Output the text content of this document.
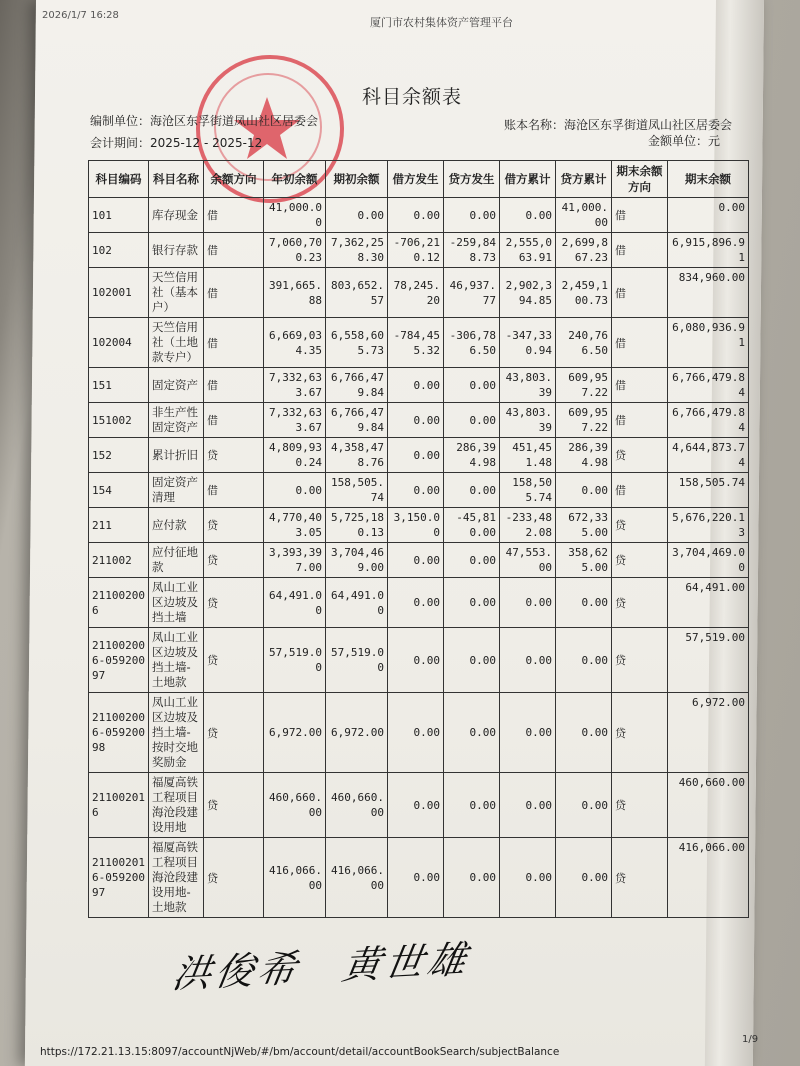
2026/1/7 16:28
厦门市农村集体资产管理平台
科目余额表
编制单位：海沧区东孚街道凤山社区居委会
会计期间：2025-12 - 2025-12
账本名称：海沧区东孚街道凤山社区居委会
金额单位：元
科目编码	科目名称	余额方向	年初余额	期初余额	借方发生	贷方发生	借方累计	贷方累计	期末余额方向	期末余额
101	库存现金	借	41,000.00	0.00	0.00	0.00	0.00	41,000.00	借	0.00
102	银行存款	借	7,060,700.23	7,362,258.30	-706,210.12	-259,848.73	2,555,063.91	2,699,867.23	借	6,915,896.91
102001	天竺信用社（基本户）	借	391,665.88	803,652.57	78,245.20	46,937.77	2,902,394.85	2,459,100.73	借	834,960.00
102004	天竺信用社（土地款专户）	借	6,669,034.35	6,558,605.73	-784,455.32	-306,786.50	-347,330.94	240,766.50	借	6,080,936.91
151	固定资产	借	7,332,633.67	6,766,479.84	0.00	0.00	43,803.39	609,957.22	借	6,766,479.84
151002	非生产性固定资产	借	7,332,633.67	6,766,479.84	0.00	0.00	43,803.39	609,957.22	借	6,766,479.84
152	累计折旧	贷	4,809,930.24	4,358,478.76	0.00	286,394.98	451,451.48	286,394.98	贷	4,644,873.74
154	固定资产清理	借	0.00	158,505.74	0.00	0.00	158,505.74	0.00	借	158,505.74
211	应付款	贷	4,770,403.05	5,725,180.13	3,150.00	-45,810.00	-233,482.08	672,335.00	贷	5,676,220.13
211002	应付征地款	贷	3,393,397.00	3,704,469.00	0.00	0.00	47,553.00	358,625.00	贷	3,704,469.00
211002006	凤山工业区边坡及挡土墙	贷	64,491.00	64,491.00	0.00	0.00	0.00	0.00	贷	64,491.00
211002006-05920097	凤山工业区边坡及挡土墙-土地款	贷	57,519.00	57,519.00	0.00	0.00	0.00	0.00	贷	57,519.00
211002006-05920098	凤山工业区边坡及挡土墙-按时交地奖励金	贷	6,972.00	6,972.00	0.00	0.00	0.00	0.00	贷	6,972.00
211002016	福厦高铁工程项目海沧段建设用地	贷	460,660.00	460,660.00	0.00	0.00	0.00	0.00	贷	460,660.00
211002016-05920097	福厦高铁工程项目海沧段建设用地-土地款	贷	416,066.00	416,066.00	0.00	0.00	0.00	0.00	贷	416,066.00
洪俊希　黄世雄
1/9
https://172.21.13.15:8097/accountNjWeb/#/bm/account/detail/accountBookSearch/subjectBalance
